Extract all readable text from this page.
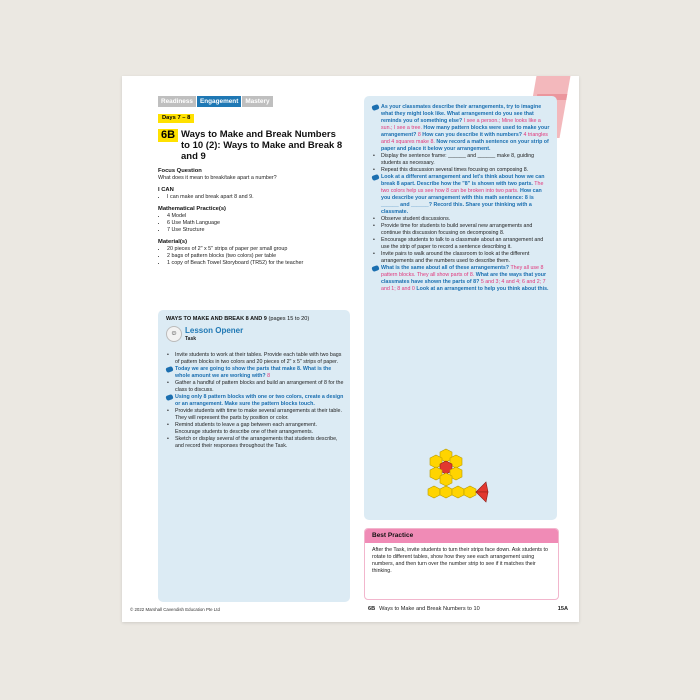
Readiness	Engagement	Mastery
Days 7 – 8
6B Ways to Make and Break Numbers to 10 (2): Ways to Make and Break 8 and 9
Focus Question

What does it mean to break/take apart a number?

I CAN
• I can make and break apart 8 and 9.
Mathematical Practice(s)
• 4 Model
• 6 Use Math Language
• 7 Use Structure
Material(s)
• 20 pieces of 2" x 5" strips of paper per small group
• 2 bags of pattern blocks (two colors) per table
• 1 copy of Beach Towel Storyboard (TR52) for the teacher
WAYS TO MAKE AND BREAK 8 AND 9 (pages 15 to 20)
☺ Lesson Opener
Task
• Invite students to work at their tables. Provide each table with two bags of pattern blocks in two colors and 20 pieces of 2" x 5" strips of paper.
Today we are going to show the parts that make 8. What is the whole amount we are working with? 8
• Gather a handful of pattern blocks and build an arrangement of 8 for the class to discuss.
Using only 8 pattern blocks with one or two colors, create a design or an arrangement. Make sure the pattern blocks touch.
• Provide students with time to make several arrangements at their table. They will represent the parts by position or color.
• Remind students to leave a gap between each arrangement. Encourage students to describe one of their arrangements.
• Sketch or display several of the arrangements that students describe, and record their responses throughout the Task.
As your classmates describe their arrangements, try to imagine what they might look like. What arrangement do you see that reminds you of something else? I see a person.; Mine looks like a sun.; I see a tree. How many pattern blocks were used to make your arrangement? 8 How can you describe it with numbers? 4 triangles and 4 squares make 8. Now record a math sentence on your strip of paper and place it below your arrangement.
• Display the sentence frame: ______ and ______ make 8, guiding students as necessary.
• Repeat this discussion several times focusing on composing 8.
Look at a different arrangement and let's think about how we can break 8 apart. Describe how the "8" is shown with two parts. The two colors help us see how 8 can be broken into two parts. How can you describe your arrangement with this math sentence: 8 is ______ and ______? Record this. Share your thinking with a classmate.
• Observe student discussions.
• Provide time for students to build several new arrangements and continue this discussion focusing on decomposing 8.
• Encourage students to talk to a classmate about an arrangement and use the strip of paper to record a sentence describing it.
• Invite pairs to walk around the classroom to look at the different arrangements and the numbers used to describe them.
What is the same about all of these arrangements? They all use 8 pattern blocks. They all show parts of 8. What are the ways that your classmates have shown the parts of 8? 5 and 3; 4 and 4; 6 and 2; 7 and 1; 8 and 0 Look at an arrangement to help you think about this.
Best Practice
After the Task, invite students to turn their strips face down. Ask students to rotate to different tables, show how they see each arrangement using numbers, and then turn over the number strip to see if it matches their thinking.
© 2022 Marshall Cavendish Education Pte Ltd	6B Ways to Make and Break Numbers to 10	15A
